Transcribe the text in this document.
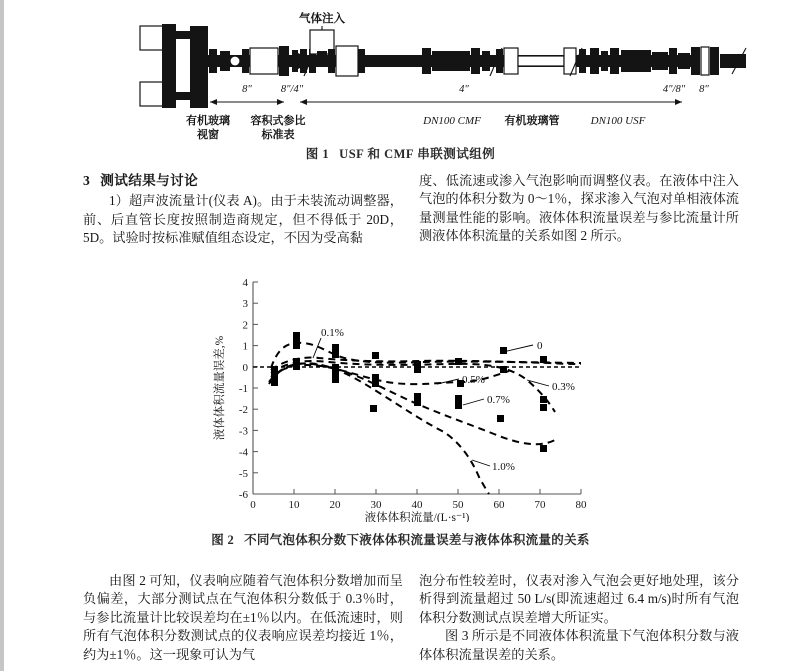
气体注入
8"	8"/4"	4"	4"/8" 8"
有机玻璃
视窗
容积式参比
标准表
DN100 CMF 有机玻璃管	DN100 USF
图 1 USF 和 CMF 串联测试组例
3 测试结果与讨论

1）超声波流量计(仪表 A)。由于未装流动调整器，前、后直管长度按照制造商规定，但不得低于 20D，5D。试验时按标准赋值组态设定，不因为受高黏

度、低流速或渗入气泡影响而调整仪表。在液体中注入气泡的体积分数为 0～1％，探求渗入气泡对单相液体流量测量性能的影响。液体体积流量误差与参比流量计所测液体体积流量的关系如图 2 所示。

4
3
2
1
0
-1
-2
-3
-4
-5
-6
0	10	20	30	40	50	60	70	80
液体体积流量/(L·s⁻¹)
液体体积流量误差,%	0
0.1%
0.3%
0.5%
0.7%
1.0%
图 2 不同气泡体积分数下液体体积流量误差与液体体积流量的关系

由图 2 可知，仪表响应随着气泡体积分数增加而呈负偏差，大部分测试点在气泡体积分数低于 0.3％时，与参比流量计比较误差均在±1％以内。在低流速时，则所有气泡体积分数测试点的仪表响应误差均接近 1％，约为±1％。这一现象可认为气

泡分布性较差时，仪表对渗入气泡会更好地处理，该分析得到流量超过 50 L/s(即流速超过 6.4 m/s)时所有气泡体积分数测试点误差增大所证实。

图 3 所示是不同液体体积流量下气泡体积分数与液体体积流量误差的关系。
